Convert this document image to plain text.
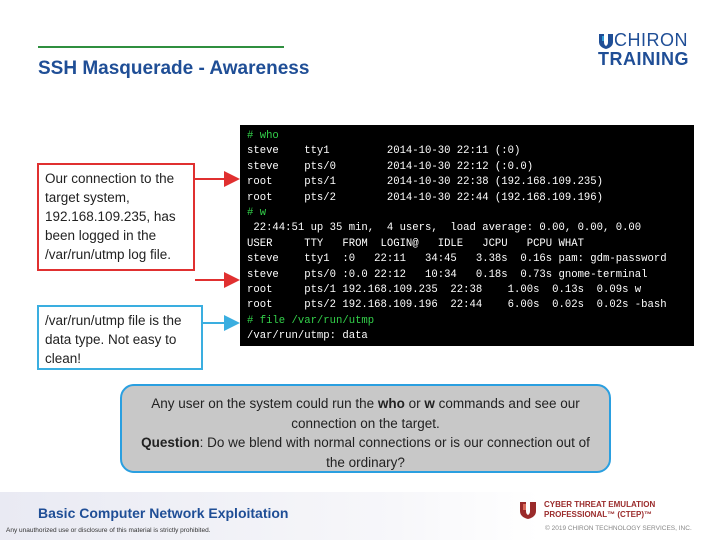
SSH Masquerade - Awareness
CHIRON
TRAINING
# who
steve    tty1         2014-10-30 22:11 (:0)
steve    pts/0        2014-10-30 22:12 (:0.0)
root     pts/1        2014-10-30 22:38 (192.168.109.235)
root     pts/2        2014-10-30 22:44 (192.168.109.196)
# w
22:44:51 up 35 min,  4 users,  load average: 0.00, 0.00, 0.00
USER     TTY   FROM  LOGIN@   IDLE   JCPU   PCPU WHAT
steve    tty1  :0   22:11   34:45   3.38s  0.16s pam: gdm-password
steve    pts/0 :0.0 22:12   10:34   0.18s  0.73s gnome-terminal
root     pts/1 192.168.109.235  22:38    1.00s  0.13s  0.09s w
root     pts/2 192.168.109.196  22:44    6.00s  0.02s  0.02s -bash
# file /var/run/utmp
/var/run/utmp: data
Our connection to the target system, 192.168.109.235, has been logged in the /var/run/utmp log file.
/var/run/utmp file is the data type. Not easy to clean!
Any user on the system could run the who or w commands and see our connection on the target.
Question: Do we blend with normal connections or is our connection out of the ordinary?
Basic Computer Network Exploitation
Any unauthorized use or disclosure of this material is strictly prohibited.
CYBER THREAT EMULATION
PROFESSIONAL™ (CTEP)™
© 2019 CHIRON TECHNOLOGY SERVICES, INC.
